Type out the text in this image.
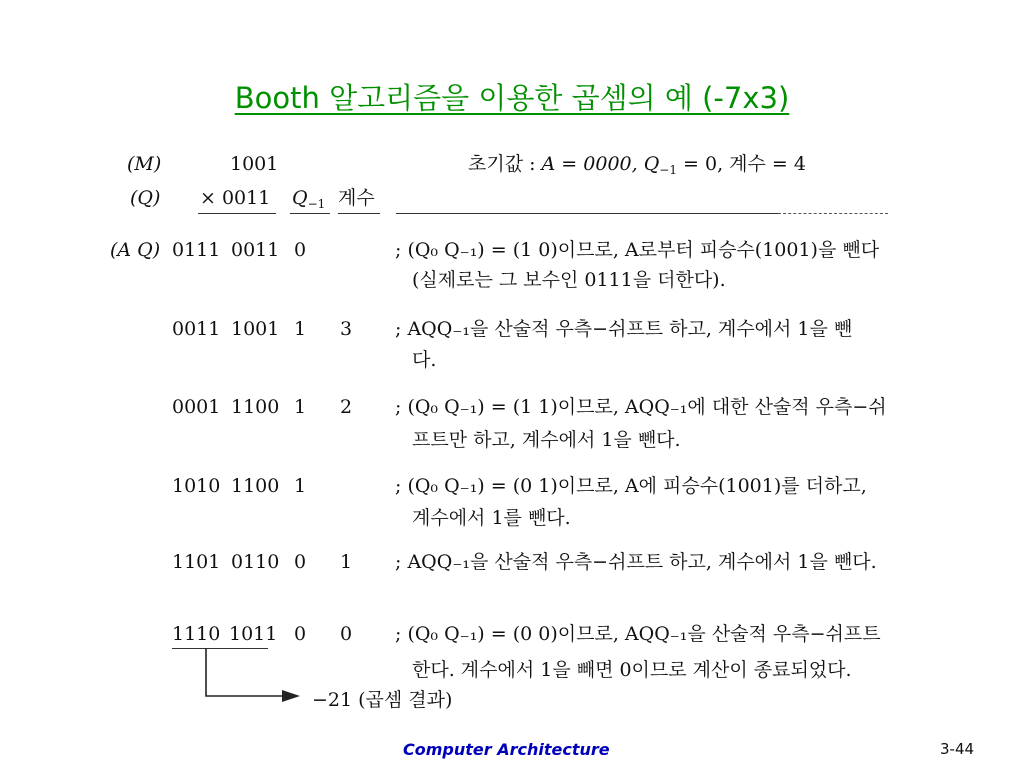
Booth 알고리즘을 이용한 곱셈의 예 (-7x3)
(M)	1001	초기값 : A = 0000, $Q_{-1} = 0$, 계수 = 4
(Q) × 0011 $Q_{-1}$ 계수
(A Q) 0111 0011 0	; (Q₀ Q₋₁) = (1 0)이므로, A로부터 피승수(1001)을 뺀다
(실제로는 그 보수인 0111을 더한다).
0011 1001 1 3 ; AQQ₋₁을 산술적 우측−쉬프트 하고, 계수에서 1을 뺀
다.
0001 1100 1 2 ; (Q₀ Q₋₁) = (1 1)이므로, AQQ₋₁에 대한 산술적 우측−쉬
프트만 하고, 계수에서 1을 뺀다.
1010 1100 1	; (Q₀ Q₋₁) = (0 1)이므로, A에 피승수(1001)를 더하고,
계수에서 1를 뺀다.
1101 0110 0 1 ; AQQ₋₁을 산술적 우측−쉬프트 하고, 계수에서 1을 뺀다.
1110 1011 0 0 ; (Q₀ Q₋₁) = (0 0)이므로, AQQ₋₁을 산술적 우측−쉬프트
한다. 계수에서 1을 빼면 0이므로 계산이 종료되었다.
−21 (곱셈 결과)
Computer Architecture	3-44
